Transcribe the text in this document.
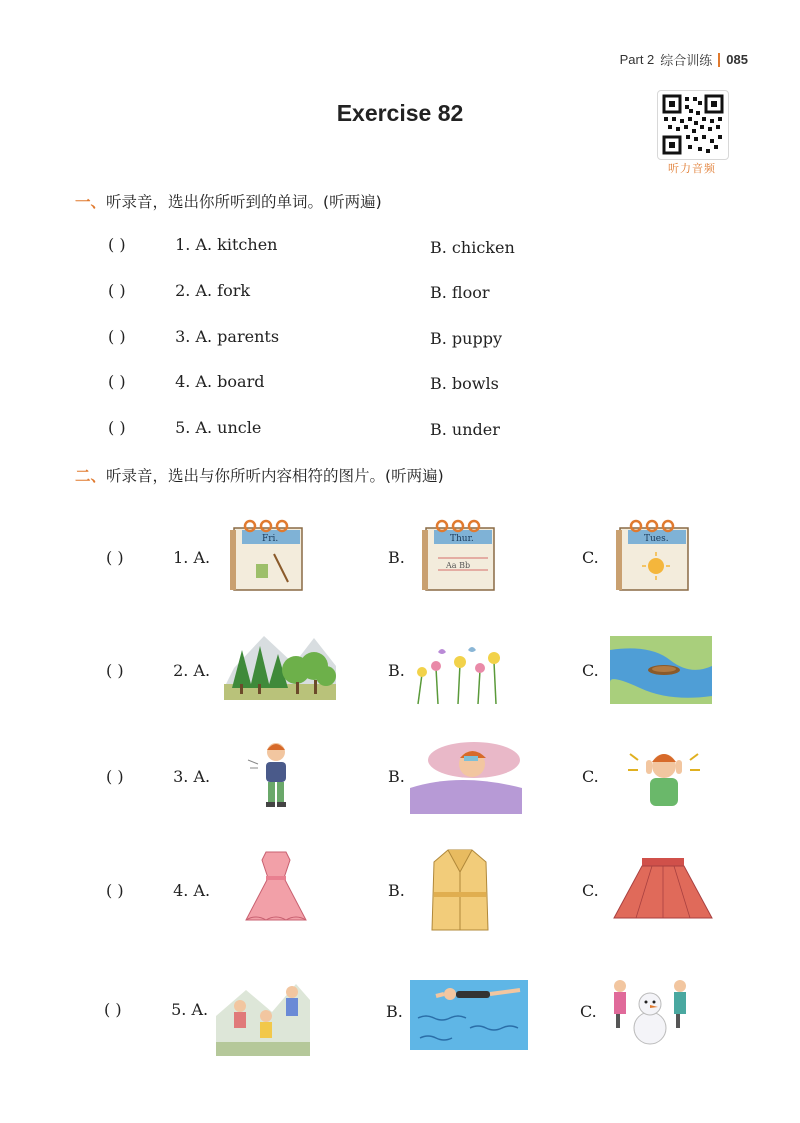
Part 2 综合训练 085
Exercise 82
听力音频
一、听录音，选出你所听到的单词。(听两遍)
( )	1. A. kitchen	B. chicken
( )	2. A. fork	B. floor
( )	3. A. parents	B. puppy
( )	4. A. board	B. bowls
( )	5. A. uncle	B. under
二、听录音，选出与你所听内容相符的图片。(听两遍)
( )	1. A.	B.	C.
Fri.	Thur.
Aa Bb
Tues.
( )	2. A.	B.	C.
( )	3. A.	B.	C.
( )	4. A.	B.	C.
( )	5. A.	B.	C.
